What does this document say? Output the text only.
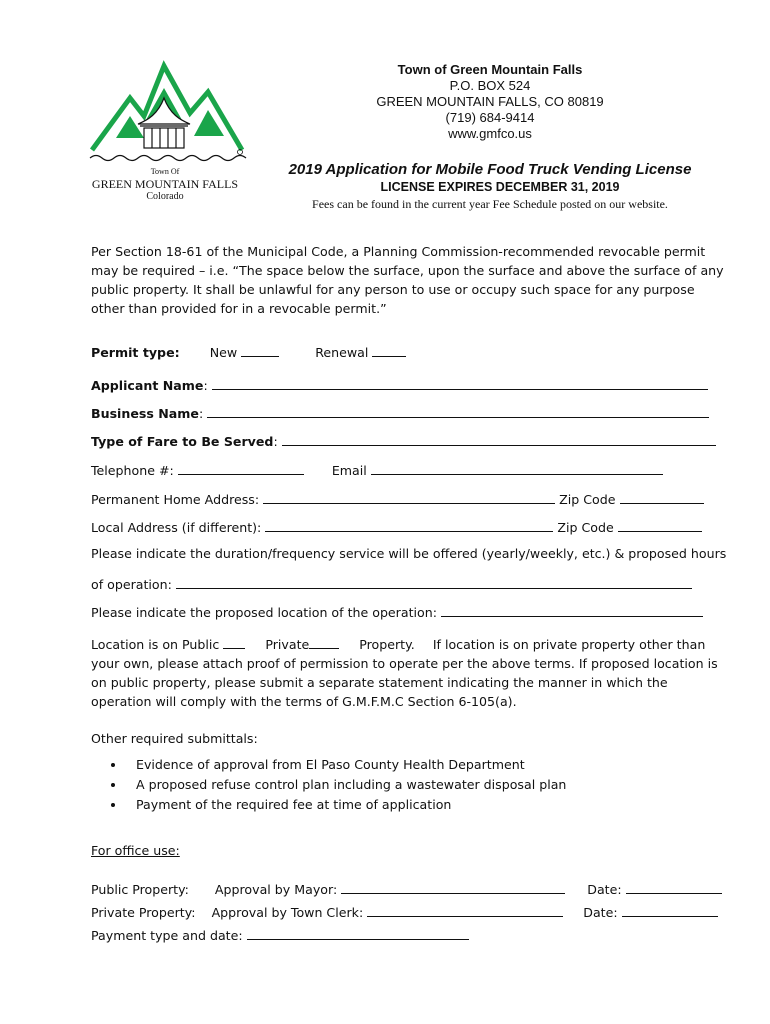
Town Of
GREEN MOUNTAIN FALLS
Colorado
Town of Green Mountain Falls
P.O. BOX 524
GREEN MOUNTAIN FALLS, CO 80819
(719) 684-9414
www.gmfco.us
2019 Application for Mobile Food Truck Vending License
LICENSE EXPIRES DECEMBER 31, 2019
Fees can be found in the current year Fee Schedule posted on our website.
Per Section 18-61 of the Municipal Code, a Planning Commission-recommended revocable permit may be required – i.e. “The space below the surface, upon the surface and above the surface of any public property. It shall be unlawful for any person to use or occupy such space for any purpose other than provided for in a revocable permit.”
Permit type: New	Renewal
Applicant Name:
Business Name:
Type of Fare to Be Served:
Telephone #:	Email
Permanent Home Address:	Zip Code
Local Address (if different):	Zip Code
Please indicate the duration/frequency service will be offered (yearly/weekly, etc.) & proposed hours
of operation:
Please indicate the proposed location of the operation:
Location is on Public	Private	Property. If location is on private property other than your own, please attach proof of permission to operate per the above terms. If proposed location is on public property, please submit a separate statement indicating the manner in which the operation will comply with the terms of G.M.F.M.C Section 6-105(a).
Other required submittals:
• Evidence of approval from El Paso County Health Department
• A proposed refuse control plan including a wastewater disposal plan
• Payment of the required fee at time of application
For office use:
Public Property: Approval by Mayor:	Date:
Private Property: Approval by Town Clerk:	Date:
Payment type and date:
